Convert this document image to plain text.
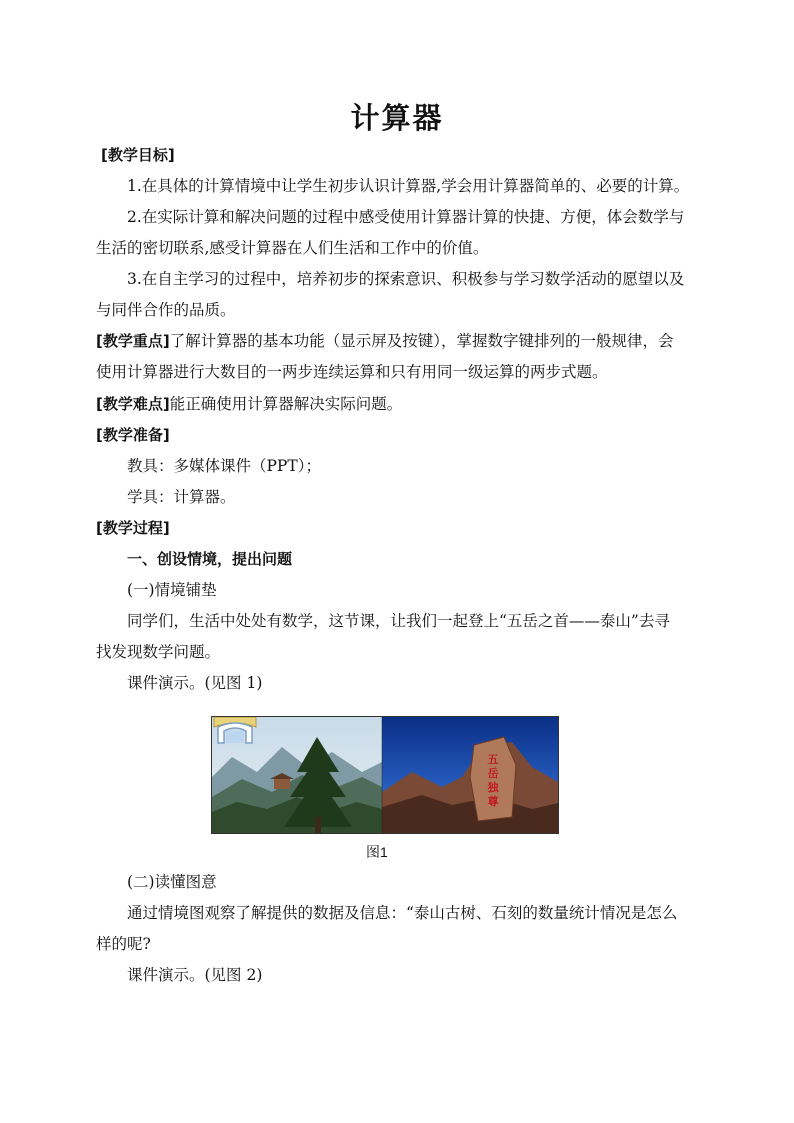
计算器
[教学目标]
1.在具体的计算情境中让学生初步认识计算器,学会用计算器简单的、必要的计算。
2.在实际计算和解决问题的过程中感受使用计算器计算的快捷、方便，体会数学与
生活的密切联系,感受计算器在人们生活和工作中的价值。
3.在自主学习的过程中，培养初步的探索意识、积极参与学习数学活动的愿望以及
与同伴合作的品质。
[教学重点]了解计算器的基本功能（显示屏及按键），掌握数字键排列的一般规律，会
使用计算器进行大数目的一两步连续运算和只有用同一级运算的两步式题。
[教学难点]能正确使用计算器解决实际问题。
[教学准备]
教具：多媒体课件（PPT）；
学具：计算器。
[教学过程]
一、创设情境，提出问题
(一)情境铺垫
同学们，生活中处处有数学，这节课，让我们一起登上“五岳之首——泰山”去寻
找发现数学问题。
课件演示。(见图 1)
五
岳
独
尊
图1
(二)读懂图意
通过情境图观察了解提供的数据及信息：“泰山古树、石刻的数量统计情况是怎么
样的呢?
课件演示。(见图 2)
